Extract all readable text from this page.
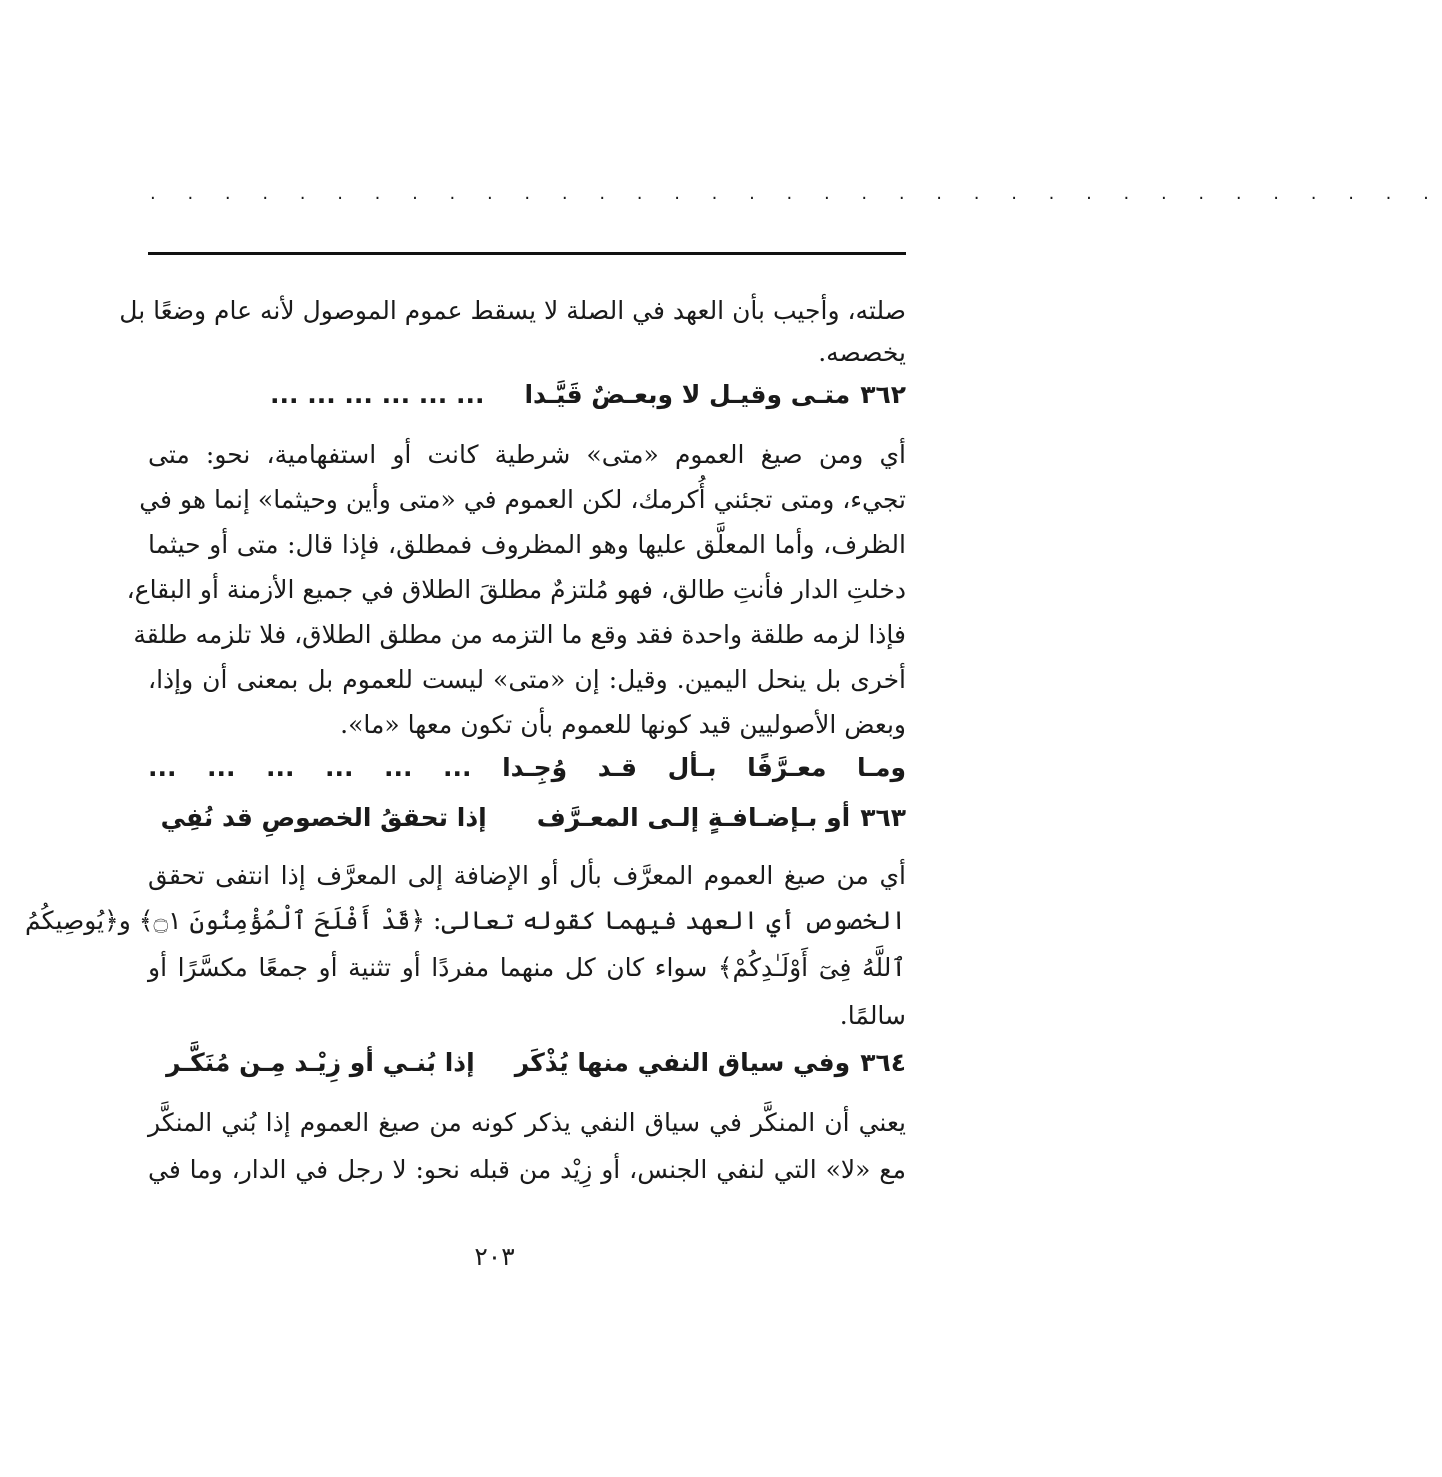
· · · · · · · · · · · · · · · · · · · · · · · · · · · · · · · · · · ·
صلته، وأجيب بأن العهد في الصلة لا يسقط عموم الموصول لأنه عام وضعًا بل
يخصصه.
٣٦٢متـى وقيـل لا وبعـضٌ قَيَّـدا... ... ... ... ... ...
أي ومن صيغ العموم «متى» شرطية كانت أو استفهامية، نحو: متى
تجيء، ومتى تجئني أُكرمك، لكن العموم في «متى وأين وحيثما» إنما هو في
الظرف، وأما المعلَّق عليها وهو المظروف فمطلق، فإذا قال: متى أو حيثما
دخلتِ الدار فأنتِ طالق، فهو مُلتزمٌ مطلقَ الطلاق في جميع الأزمنة أو البقاع،
فإذا لزمه طلقة واحدة فقد وقع ما التزمه من مطلق الطلاق، فلا تلزمه طلقة
أخرى بل ينحل اليمين. وقيل: إن «متى» ليست للعموم بل بمعنى أن وإذا،
وبعض الأصوليين قيد كونها للعموم بأن تكون معها «ما».
ومـا معـرَّفًا بـأل قـد وُجِـدا ... ... ... ... ... ...
٣٦٣أو بـإضـافـةٍ إلـى المعـرَّفإذا تحققُ الخصوصِ قد نُفِي
أي من صيغ العموم المعرَّف بأل أو الإضافة إلى المعرَّف إذا انتفى تحقق
الخصوص أي العهد فيهما كقوله تعالى: ﴿قَدْ أَفْلَحَ ٱلْمُؤْمِنُونَ ۝١﴾ و﴿يُوصِيكُمُ
ٱللَّهُ فِىٓ أَوْلَـٰدِكُمْ﴾ سواء كان كل منهما مفردًا أو تثنية أو جمعًا مكسَّرًا أو
سالمًا.
٣٦٤وفي سياق النفي منها يُذْكَرإذا بُنـي أو زِيْـد مِـن مُنَكَّـر
يعني أن المنكَّر في سياق النفي يذكر كونه من صيغ العموم إذا بُني المنكَّر
مع «لا» التي لنفي الجنس، أو زِيْد من قبله نحو: لا رجل في الدار، وما في
٢٠٣
